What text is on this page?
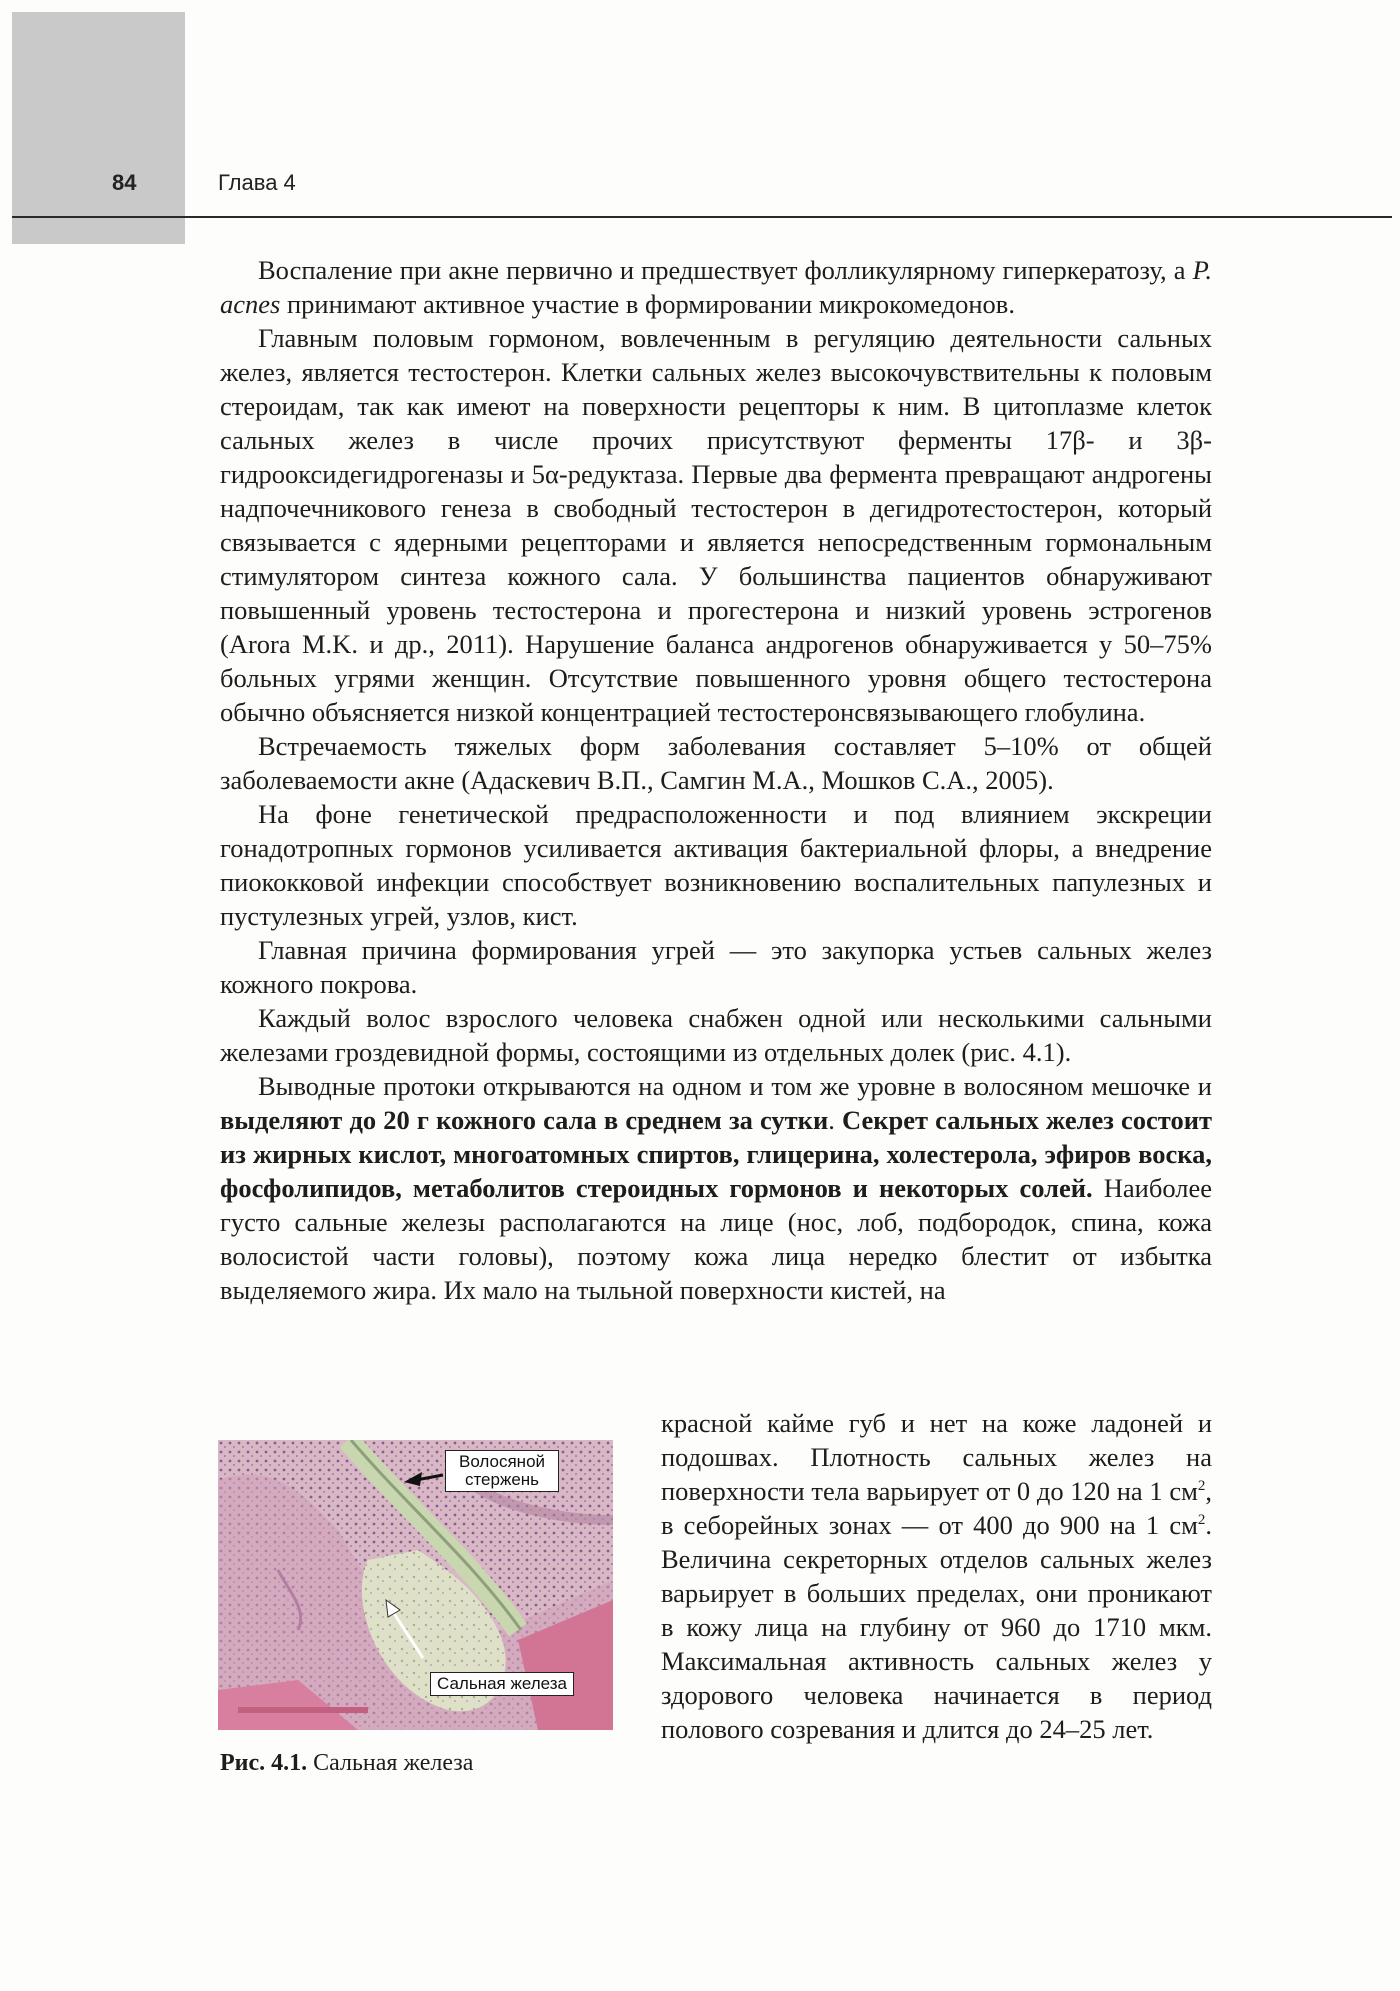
84	Глава 4

Воспаление при акне первично и предшествует фолликулярному гиперкератозу, а P. acnes принимают активное участие в формировании микрокомедонов.

Главным половым гормоном, вовлеченным в регуляцию деятельности сальных желез, является тестостерон. Клетки сальных желез высокочувствительны к половым стероидам, так как имеют на поверхности рецепторы к ним. В цитоплазме клеток сальных желез в числе прочих присутствуют ферменты 17β- и 3β-гидрооксидегидрогеназы и 5α-редуктаза. Первые два фермента превращают андрогены надпочечникового генеза в свободный тестостерон в дегидротестостерон, который связывается с ядерными рецепторами и является непосредственным гормональным стимулятором синтеза кожного сала. У большинства пациентов обнаруживают повышенный уровень тестостерона и прогестерона и низкий уровень эстрогенов (Arora M.K. и др., 2011). Нарушение баланса андрогенов обнаруживается у 50–75% больных угрями женщин. Отсутствие повышенного уровня общего тестостерона обычно объясняется низкой концентрацией тестостеронсвязывающего глобулина.

Встречаемость тяжелых форм заболевания составляет 5–10% от общей заболеваемости акне (Адаскевич В.П., Самгин М.А., Мошков С.А., 2005).

На фоне генетической предрасположенности и под влиянием экскреции гонадотропных гормонов усиливается активация бактериальной флоры, а внедрение пиококковой инфекции способствует возникновению воспалительных папулезных и пустулезных угрей, узлов, кист.

Главная причина формирования угрей — это закупорка устьев сальных желез кожного покрова.

Каждый волос взрослого человека снабжен одной или несколькими сальными железами гроздевидной формы, состоящими из отдельных долек (рис. 4.1).

Выводные протоки открываются на одном и том же уровне в волосяном мешочке и выделяют до 20 г кожного сала в среднем за сутки. Секрет сальных желез состоит из жирных кислот, многоатомных спиртов, глицерина, холестерола, эфиров воска, фосфолипидов, метаболитов стероидных гормонов и некоторых солей. Наиболее густо сальные железы располагаются на лице (нос, лоб, подбородок, спина, кожа волосистой части головы), поэтому кожа лица нередко блестит от избытка выделяемого жира. Их мало на тыльной поверхности кистей, на

красной кайме губ и нет на коже ладоней и подошвах. Плотность сальных желез на поверхности тела варьирует от 0 до 120 на 1 $см^2$, в себорейных зонах — от 400 до 900 на 1 $см^2$. Величина секреторных отделов сальных желез варьирует в больших пределах, они проникают в кожу лица на глубину от 960 до 1710 мкм. Максимальная активность сальных желез у здорового человека начинается в период полового созревания и длится до 24–25 лет.

Волосяной
стержень
Сальная железа
Рис. 4.1. Сальная железа
